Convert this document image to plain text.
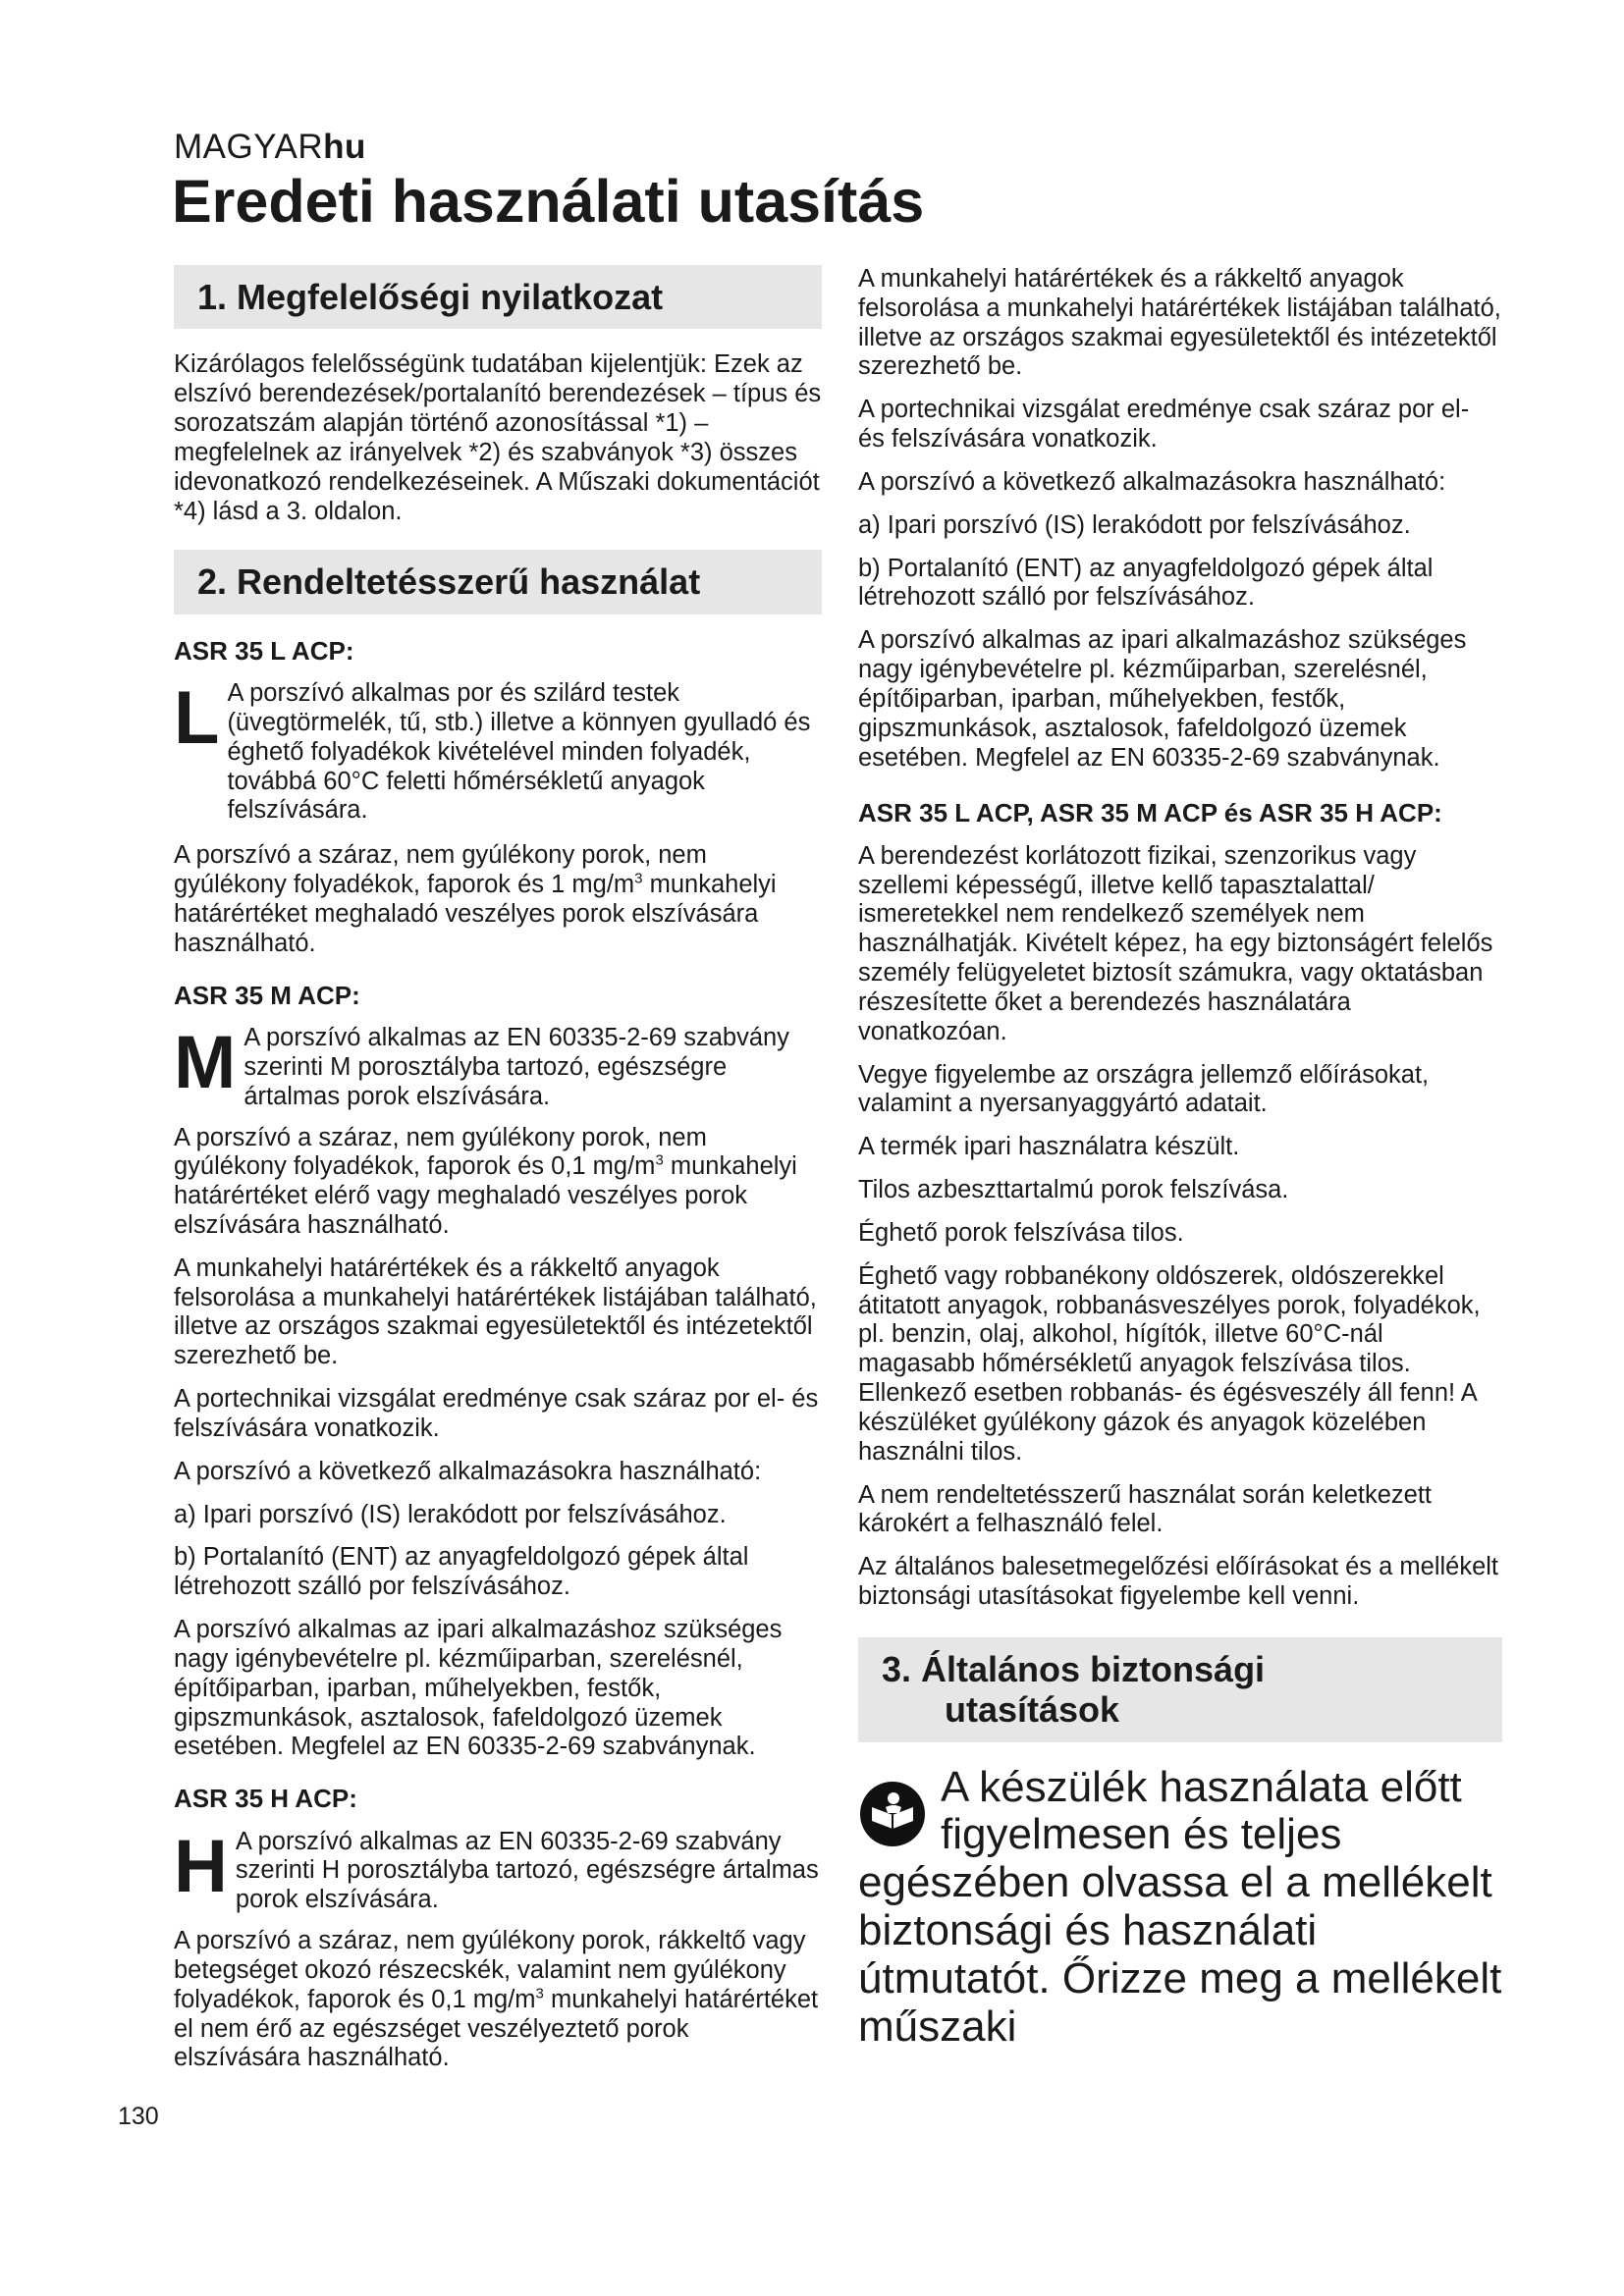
MAGYARhu
Eredeti használati utasítás
1. Megfelelőségi nyilatkozat

Kizárólagos felelősségünk tudatában kijelentjük: Ezek az elszívó berendezések/portalanító berendezések – típus és sorozatszám alapján történő azonosítással *1) – megfelelnek az irányelvek *2) és szabványok *3) összes idevonatkozó rendelkezéseinek. A Műszaki dokumentációt *4) lásd a 3. oldalon.

2. Rendeltetésszerű használat
ASR 35 L ACP:
L A porszívó alkalmas por és szilárd testek (üvegtörmelék, tű, stb.) illetve a könnyen gyulladó és éghető folyadékok kivételével minden folyadék, továbbá 60°C feletti hőmérsékletű anyagok felszívására.

A porszívó a száraz, nem gyúlékony porok, nem gyúlékony folyadékok, faporok és 1 $mg/m^3$ munkahelyi határértéket meghaladó veszélyes porok elszívására használható.

ASR 35 M ACP:
M A porszívó alkalmas az EN 60335-2-69 szabvány szerinti M porosztályba tartozó, egészségre ártalmas porok elszívására.

A porszívó a száraz, nem gyúlékony porok, nem gyúlékony folyadékok, faporok és 0,1 $mg/m^3$ munkahelyi határértéket elérő vagy meghaladó veszélyes porok elszívására használható.

A munkahelyi határértékek és a rákkeltő anyagok felsorolása a munkahelyi határértékek listájában található, illetve az országos szakmai egyesületektől és intézetektől szerezhető be.

A portechnikai vizsgálat eredménye csak száraz por el- és felszívására vonatkozik.

A porszívó a következő alkalmazásokra használható:

a) Ipari porszívó (IS) lerakódott por felszívásához.

b) Portalanító (ENT) az anyagfeldolgozó gépek által létrehozott szálló por felszívásához.

A porszívó alkalmas az ipari alkalmazáshoz szükséges nagy igénybevételre pl. kézműiparban, szerelésnél, építőiparban, iparban, műhelyekben, festők, gipszmunkások, asztalosok, fafeldolgozó üzemek esetében. Megfelel az EN 60335-2-69 szabványnak.

ASR 35 H ACP:
H A porszívó alkalmas az EN 60335-2-69 szabvány szerinti H porosztályba tartozó, egészségre ártalmas porok elszívására.

A porszívó a száraz, nem gyúlékony porok, rákkeltő vagy betegséget okozó részecskék, valamint nem gyúlékony folyadékok, faporok és 0,1 $mg/m^3$ munkahelyi határértéket el nem érő az egészséget veszélyeztető porok elszívására használható.

A munkahelyi határértékek és a rákkeltő anyagok felsorolása a munkahelyi határértékek listájában található, illetve az országos szakmai egyesületektől és intézetektől szerezhető be.

A portechnikai vizsgálat eredménye csak száraz por el- és felszívására vonatkozik.

A porszívó a következő alkalmazásokra használható:

a) Ipari porszívó (IS) lerakódott por felszívásához.

b) Portalanító (ENT) az anyagfeldolgozó gépek által létrehozott szálló por felszívásához.

A porszívó alkalmas az ipari alkalmazáshoz szükséges nagy igénybevételre pl. kézműiparban, szerelésnél, építőiparban, iparban, műhelyekben, festők, gipszmunkások, asztalosok, fafeldolgozó üzemek esetében. Megfelel az EN 60335-2-69 szabványnak.

ASR 35 L ACP, ASR 35 M ACP és ASR 35 H ACP:

A berendezést korlátozott fizikai, szenzorikus vagy szellemi képességű, illetve kellő tapasztalattal/ ismeretekkel nem rendelkező személyek nem használhatják. Kivételt képez, ha egy biztonságért felelős személy felügyeletet biztosít számukra, vagy oktatásban részesítette őket a berendezés használatára vonatkozóan.

Vegye figyelembe az országra jellemző előírásokat, valamint a nyersanyaggyártó adatait.

A termék ipari használatra készült.

Tilos azbeszttartalmú porok felszívása.

Éghető porok felszívása tilos.

Éghető vagy robbanékony oldószerek, oldószerekkel átitatott anyagok, robbanásveszélyes porok, folyadékok, pl. benzin, olaj, alkohol, hígítók, illetve 60°C-nál magasabb hőmérsékletű anyagok felszívása tilos. Ellenkező esetben robbanás- és égésveszély áll fenn! A készüléket gyúlékony gázok és anyagok közelében használni tilos.

A nem rendeltetésszerű használat során keletkezett károkért a felhasználó felel.

Az általános balesetmegelőzési előírásokat és a mellékelt biztonsági utasításokat figyelembe kell venni.

3. Általános biztonsági
utasítások

A készülék használata előtt figyelmesen és teljes egészében olvassa el a mellékelt biztonsági és használati útmutatót. Őrizze meg a mellékelt műszaki

130
